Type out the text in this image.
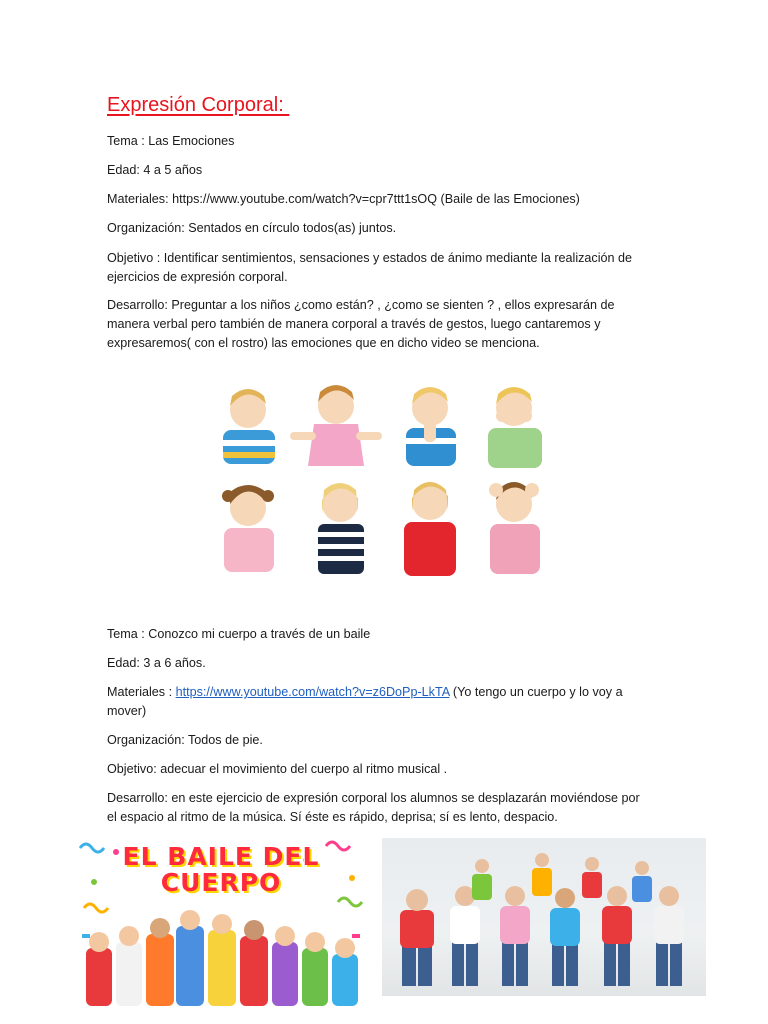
Expresión Corporal:

Tema : Las Emociones

Edad: 4 a 5 años

Materiales: https://www.youtube.com/watch?v=cpr7ttt1sOQ (Baile de las Emociones)

Organización: Sentados en círculo todos(as) juntos.

Objetivo : Identificar sentimientos, sensaciones y estados de ánimo mediante la realización de ejercicios de expresión corporal.

Desarrollo: Preguntar a los niños ¿como están? , ¿como se sienten ? , ellos expresarán de manera verbal pero también de manera corporal a través de gestos, luego cantaremos y expresaremos( con el rostro) las emociones que en dicho video se menciona.

Tema : Conozco mi cuerpo a través de un baile

Edad: 3 a 6 años.

Materiales : https://www.youtube.com/watch?v=z6DoPp-LkTA (Yo tengo un cuerpo y lo voy a mover)

Organización: Todos de pie.

Objetivo: adecuar el movimiento del cuerpo al ritmo musical .

Desarrollo: en este ejercicio de expresión corporal los alumnos se desplazarán moviéndose por el espacio al ritmo de la música. Sí éste es rápido, deprisa; sí es lento, despacio.

EL BAILE DEL
CUERPO
